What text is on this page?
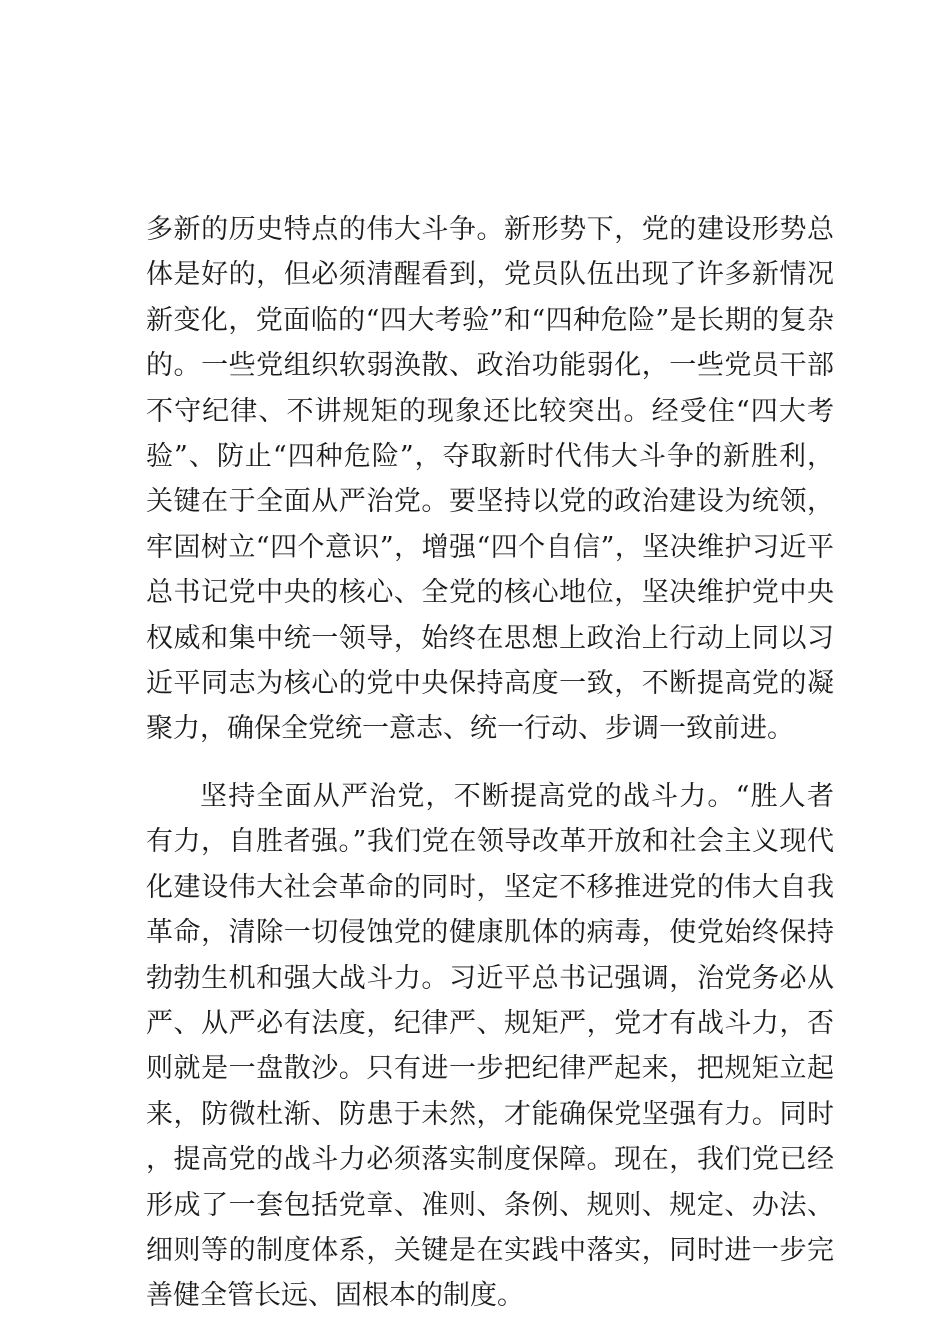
多新的历史特点的伟大斗争。新形势下，党的建设形势总体是好的，但必须清醒看到，党员队伍出现了许多新情况新变化，党面临的“四大考验”和“四种危险”是长期的复杂的。一些党组织软弱涣散、政治功能弱化，一些党员干部不守纪律、不讲规矩的现象还比较突出。经受住“四大考验”、防止“四种危险”，夺取新时代伟大斗争的新胜利，关键在于全面从严治党。要坚持以党的政治建设为统领，牢固树立“四个意识”，增强“四个自信”，坚决维护习近平总书记党中央的核心、全党的核心地位，坚决维护党中央权威和集中统一领导，始终在思想上政治上行动上同以习近平同志为核心的党中央保持高度一致，不断提高党的凝聚力，确保全党统一意志、统一行动、步调一致前进。

坚持全面从严治党，不断提高党的战斗力。“胜人者有力，自胜者强。”我们党在领导改革开放和社会主义现代化建设伟大社会革命的同时，坚定不移推进党的伟大自我革命，清除一切侵蚀党的健康肌体的病毒，使党始终保持勃勃生机和强大战斗力。习近平总书记强调，治党务必从严、从严必有法度，纪律严、规矩严，党才有战斗力，否则就是一盘散沙。只有进一步把纪律严起来，把规矩立起来，防微杜渐、防患于未然，才能确保党坚强有力。同时，提高党的战斗力必须落实制度保障。现在，我们党已经形成了一套包括党章、准则、条例、规则、规定、办法、细则等的制度体系，关键是在实践中落实，同时进一步完善健全管长远、固根本的制度。
